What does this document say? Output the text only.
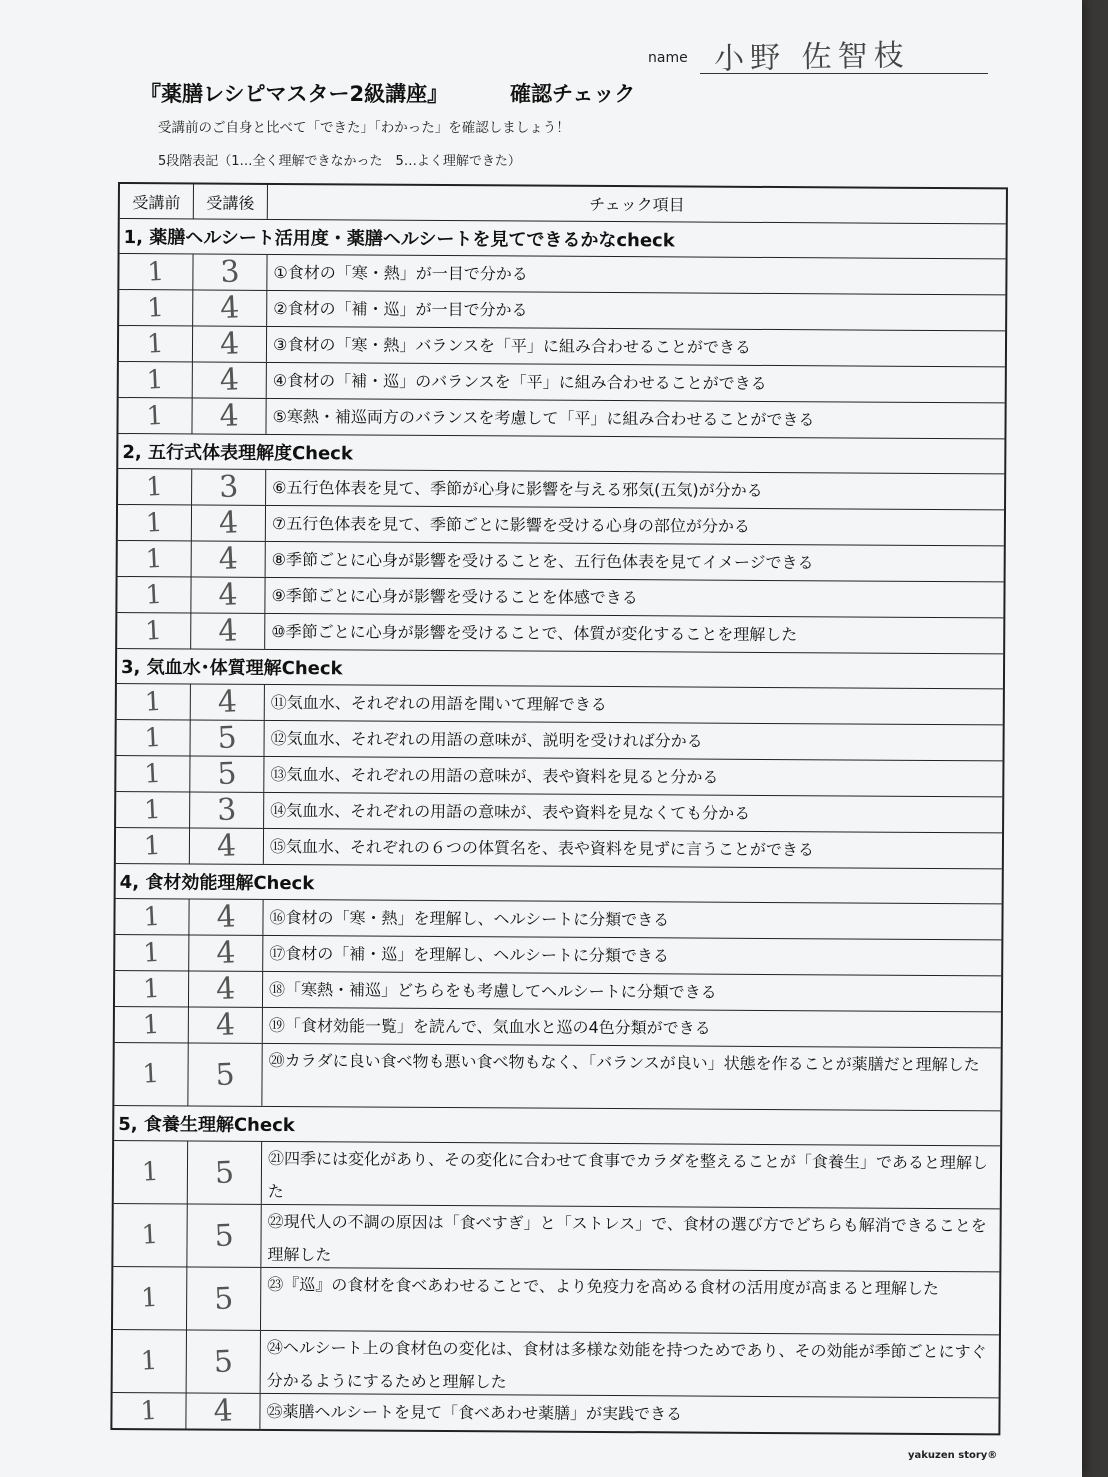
name 小野 佐智枝
『薬膳レシピマスター2級講座』	確認チェック
受講前のご自身と比べて「できた」「わかった」を確認しましょう！
5段階表記（1…全く理解できなかった　5…よく理解できた）
受講前	受講後	チェック項目
1, 薬膳ヘルシート活用度・薬膳ヘルシートを見てできるかなcheck
1 3	①食材の「寒・熱」が一目で分かる
1 4	②食材の「補・巡」が一目で分かる
1 4	③食材の「寒・熱」バランスを「平」に組み合わせることができる
1 4	④食材の「補・巡」のバランスを「平」に組み合わせることができる
1 4	⑤寒熱・補巡両方のバランスを考慮して「平」に組み合わせることができる
2, 五行式体表理解度Check
1 3	⑥五行色体表を見て、季節が心身に影響を与える邪気(五気)が分かる
1 4	⑦五行色体表を見て、季節ごとに影響を受ける心身の部位が分かる
1 4	⑧季節ごとに心身が影響を受けることを、五行色体表を見てイメージできる
1 4	⑨季節ごとに心身が影響を受けることを体感できる
1 4	⑩季節ごとに心身が影響を受けることで、体質が変化することを理解した
3, 気血水･体質理解Check
1 4	⑪気血水、それぞれの用語を聞いて理解できる
1 5	⑫気血水、それぞれの用語の意味が、説明を受ければ分かる
1 5	⑬気血水、それぞれの用語の意味が、表や資料を見ると分かる
1 3	⑭気血水、それぞれの用語の意味が、表や資料を見なくても分かる
1 4	⑮気血水、それぞれの６つの体質名を、表や資料を見ずに言うことができる
4, 食材効能理解Check
1 4	⑯食材の「寒・熱」を理解し、ヘルシートに分類できる
1 4	⑰食材の「補・巡」を理解し、ヘルシートに分類できる
1 4	⑱「寒熱・補巡」どちらをも考慮してヘルシートに分類できる
1 4	⑲「食材効能一覧」を読んで、気血水と巡の4色分類ができる
1 5	⑳カラダに良い食べ物も悪い食べ物もなく、「バランスが良い」状態を作ることが薬膳だと理解した
5, 食養生理解Check
1 5	㉑四季には変化があり、その変化に合わせて食事でカラダを整えることが「食養生」であると理解した
1 5	㉒現代人の不調の原因は「食べすぎ」と「ストレス」で、食材の選び方でどちらも解消できることを理解した
1 5	㉓『巡』の食材を食べあわせることで、より免疫力を高める食材の活用度が高まると理解した
1 5	㉔ヘルシート上の食材色の変化は、食材は多様な効能を持つためであり、その効能が季節ごとにすぐ分かるようにするためと理解した
1 4	㉕薬膳ヘルシートを見て「食べあわせ薬膳」が実践できる
yakuzen story®
